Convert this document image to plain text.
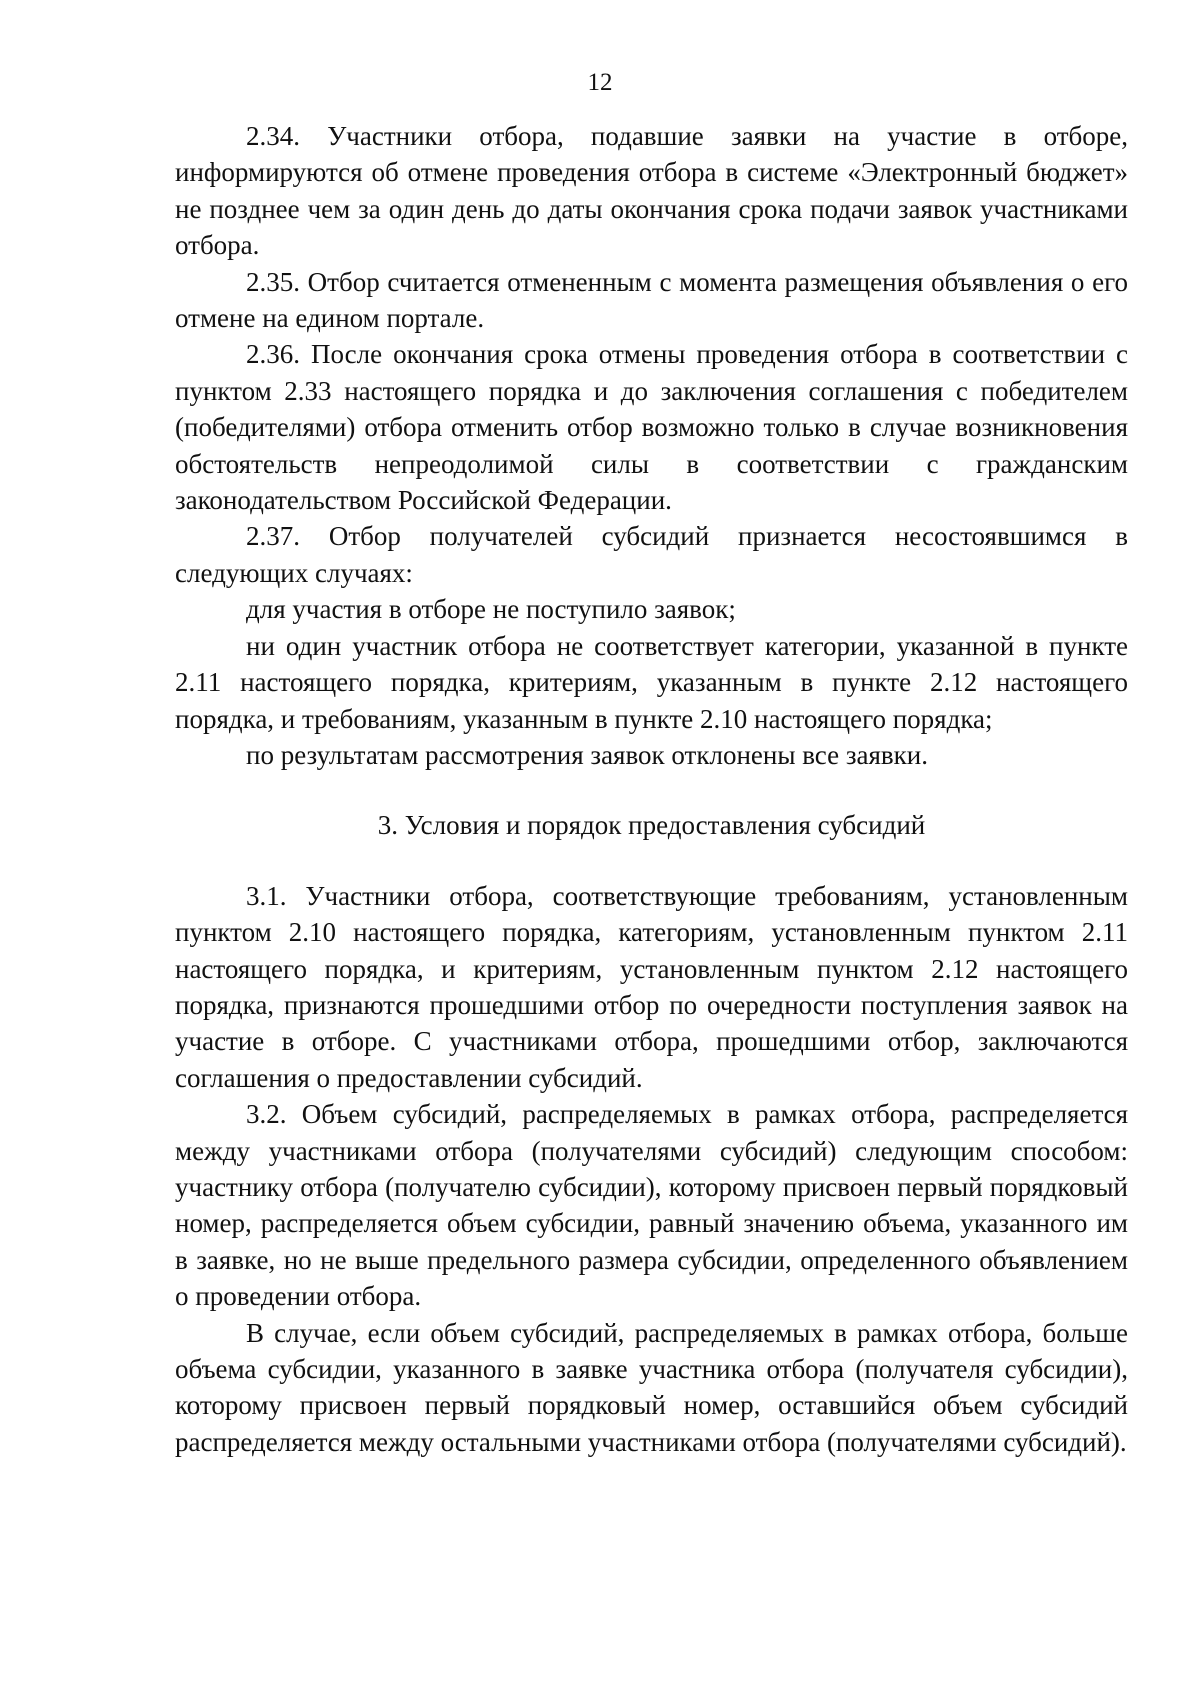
12

2.34. Участники отбора, подавшие заявки на участие в отборе, информируются об отмене проведения отбора в системе «Электронный бюджет» не позднее чем за один день до даты окончания срока подачи заявок участниками отбора.

2.35. Отбор считается отмененным с момента размещения объявления о его отмене на едином портале.

2.36. После окончания срока отмены проведения отбора в соответствии с пунктом 2.33 настоящего порядка и до заключения соглашения с победителем (победителями) отбора отменить отбор возможно только в случае возникновения обстоятельств непреодолимой силы в соответствии с гражданским законодательством Российской Федерации.

2.37. Отбор получателей субсидий признается несостоявшимся в следующих случаях:

для участия в отборе не поступило заявок;

ни один участник отбора не соответствует категории, указанной в пункте 2.11 настоящего порядка, критериям, указанным в пункте 2.12 настоящего порядка, и требованиям, указанным в пункте 2.10 настоящего порядка;

по результатам рассмотрения заявок отклонены все заявки.

3. Условия и порядок предоставления субсидий

3.1. Участники отбора, соответствующие требованиям, установленным пунктом 2.10 настоящего порядка, категориям, установленным пунктом 2.11 настоящего порядка, и критериям, установленным пунктом 2.12 настоящего порядка, признаются прошедшими отбор по очередности поступления заявок на участие в отборе. С участниками отбора, прошедшими отбор, заключаются соглашения о предоставлении субсидий.

3.2. Объем субсидий, распределяемых в рамках отбора, распределяется между участниками отбора (получателями субсидий) следующим способом: участнику отбора (получателю субсидии), которому присвоен первый порядковый номер, распределяется объем субсидии, равный значению объема, указанного им в заявке, но не выше предельного размера субсидии, определенного объявлением о проведении отбора.

В случае, если объем субсидий, распределяемых в рамках отбора, больше объема субсидии, указанного в заявке участника отбора (получателя субсидии), которому присвоен первый порядковый номер, оставшийся объем субсидий распределяется между остальными участниками отбора (получателями субсидий).
